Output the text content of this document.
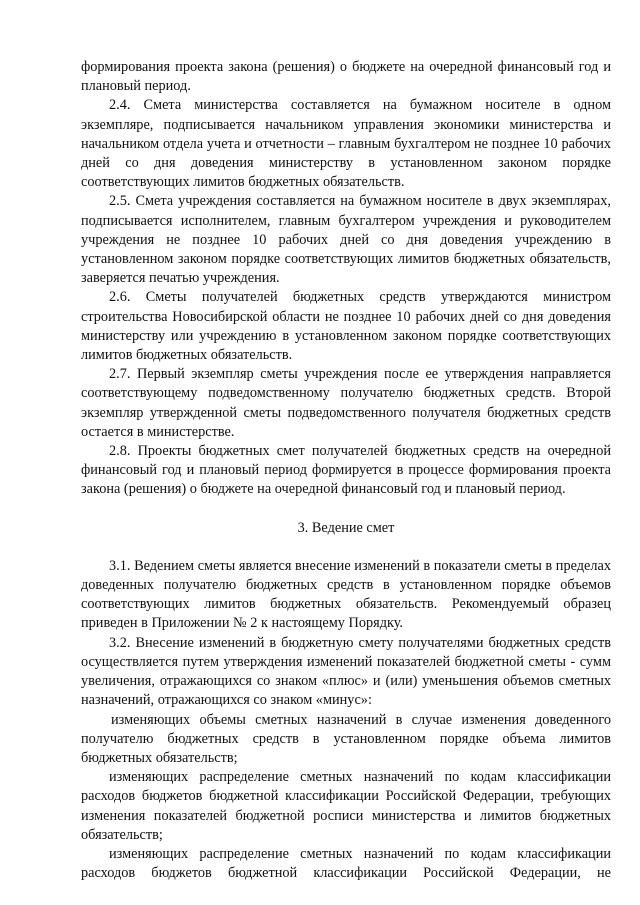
формирования проекта закона (решения) о бюджете на очередной финансовый год и плановый период.

2.4. Смета министерства составляется на бумажном носителе в одном экземпляре, подписывается начальником управления экономики министерства и начальником отдела учета и отчетности – главным бухгалтером не позднее 10 рабочих дней со дня доведения министерству в установленном законом порядке соответствующих лимитов бюджетных обязательств.

2.5. Смета учреждения составляется на бумажном носителе в двух экземплярах, подписывается исполнителем, главным бухгалтером учреждения и руководителем учреждения не позднее 10 рабочих дней со дня доведения учреждению в установленном законом порядке соответствующих лимитов бюджетных обязательств, заверяется печатью учреждения.

2.6. Сметы получателей бюджетных средств утверждаются министром строительства Новосибирской области не позднее 10 рабочих дней со дня доведения министерству или учреждению в установленном законом порядке соответствующих лимитов бюджетных обязательств.

2.7. Первый экземпляр сметы учреждения после ее утверждения направляется соответствующему подведомственному получателю бюджетных средств. Второй экземпляр утвержденной сметы подведомственного получателя бюджетных средств остается в министерстве.

2.8. Проекты бюджетных смет получателей бюджетных средств на очередной финансовый год и плановый период формируется в процессе формирования проекта закона (решения) о бюджете на очередной финансовый год и плановый период.

3. Ведение смет

3.1. Ведением сметы является внесение изменений в показатели сметы в пределах доведенных получателю бюджетных средств в установленном порядке объемов соответствующих лимитов бюджетных обязательств. Рекомендуемый образец приведен в Приложении № 2 к настоящему Порядку.

3.2. Внесение изменений в бюджетную смету получателями бюджетных средств осуществляется путем утверждения изменений показателей бюджетной сметы - сумм увеличения, отражающихся со знаком «плюс» и (или) уменьшения объемов сметных назначений, отражающихся со знаком «минус»:

изменяющих объемы сметных назначений в случае изменения доведенного получателю бюджетных средств в установленном порядке объема лимитов бюджетных обязательств;

изменяющих распределение сметных назначений по кодам классификации расходов бюджетов бюджетной классификации Российской Федерации, требующих изменения показателей бюджетной росписи министерства и лимитов бюджетных обязательств;

изменяющих распределение сметных назначений по кодам классификации расходов бюджетов бюджетной классификации Российской Федерации, не
